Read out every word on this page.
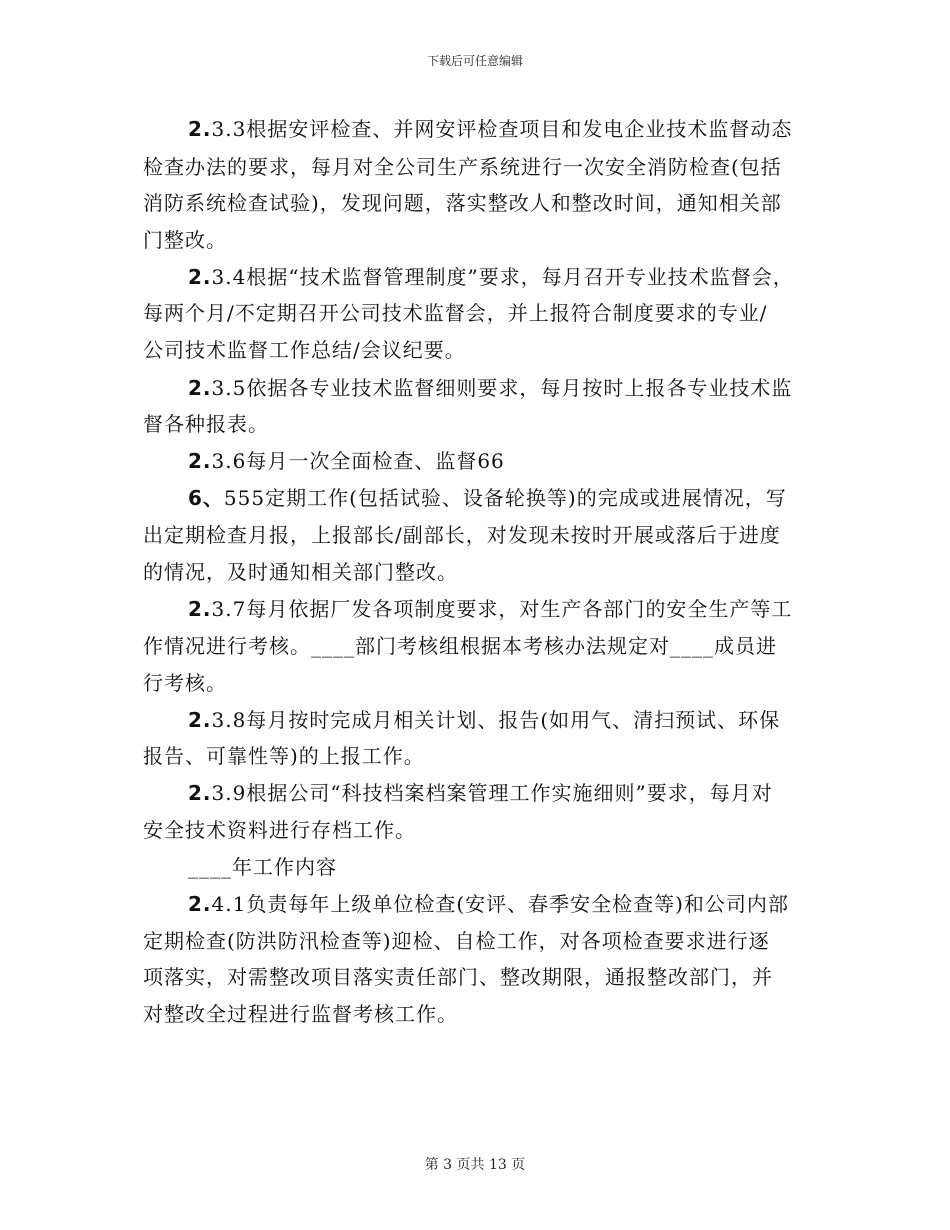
下载后可任意编辑
2.3.3根据安评检查、并网安评检查项目和发电企业技术监督动态
检查办法的要求，每月对全公司生产系统进行一次安全消防检查(包括
消防系统检查试验)，发现问题，落实整改人和整改时间，通知相关部
门整改。
2.3.4根据“技术监督管理制度”要求，每月召开专业技术监督会，
每两个月/不定期召开公司技术监督会，并上报符合制度要求的专业/
公司技术监督工作总结/会议纪要。
2.3.5依据各专业技术监督细则要求，每月按时上报各专业技术监
督各种报表。
2.3.6每月一次全面检查、监督66
6、555定期工作(包括试验、设备轮换等)的完成或进展情况，写
出定期检查月报，上报部长/副部长，对发现未按时开展或落后于进度
的情况，及时通知相关部门整改。
2.3.7每月依据厂发各项制度要求，对生产各部门的安全生产等工
作情况进行考核。____部门考核组根据本考核办法规定对____成员进
行考核。
2.3.8每月按时完成月相关计划、报告(如用气、清扫预试、环保
报告、可靠性等)的上报工作。
2.3.9根据公司“科技档案档案管理工作实施细则”要求，每月对
安全技术资料进行存档工作。
____年工作内容
2.4.1负责每年上级单位检查(安评、春季安全检查等)和公司内部
定期检查(防洪防汛检查等)迎检、自检工作，对各项检查要求进行逐
项落实，对需整改项目落实责任部门、整改期限，通报整改部门，并
对整改全过程进行监督考核工作。
第 3 页共 13 页
